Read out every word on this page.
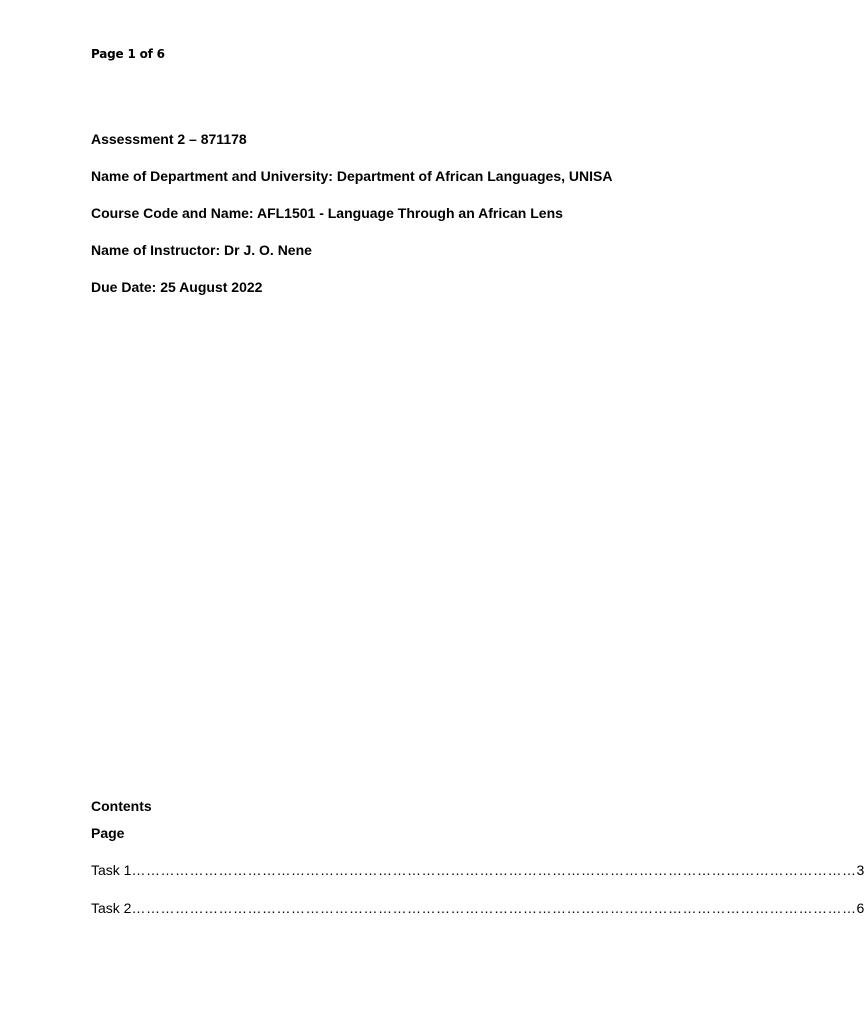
Page 1 of 6
Assessment 2 – 871178
Name of Department and University: Department of African Languages, UNISA
Course Code and Name: AFL1501 - Language Through an African Lens
Name of Instructor: Dr J. O. Nene
Due Date: 25 August 2022
Contents
Page
Task 1 …………………………………………………………………………………………………………………………………… 3
Task 2 …………………………………………………………………………………………………………………………………… 6
